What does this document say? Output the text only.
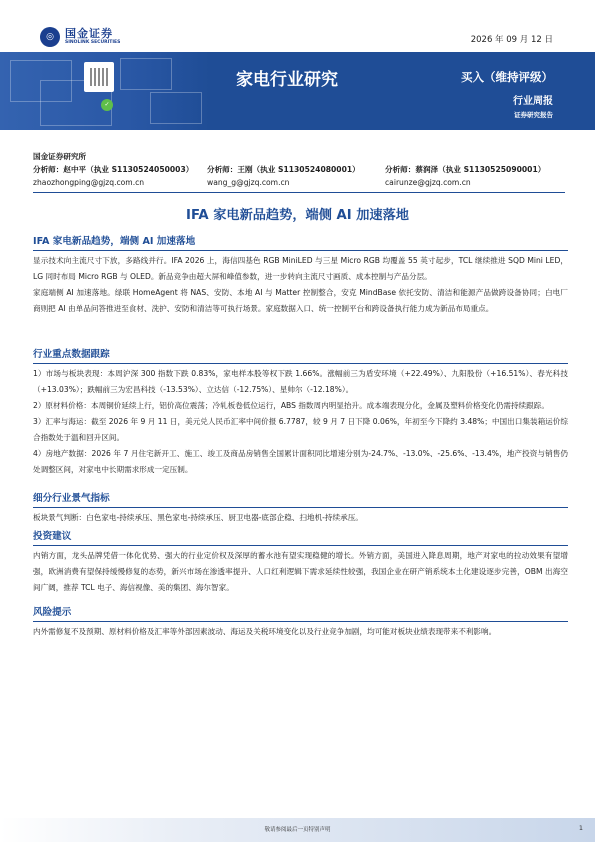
◎	国金证券
SINOLINK SECURITIES	2026 年 09 月 12 日
✓
家电行业研究	买入（维持评级）
行业周报
证券研究报告
国金证券研究所
分析师：赵中平（执业 S1130524050003）
zhaozhongping@gjzq.com.cn
分析师：王刚（执业 S1130524080001）
wang_g@gjzq.com.cn
分析师：蔡润泽（执业 S1130525090001）
cairunze@gjzq.com.cn
IFA 家电新品趋势，端侧 AI 加速落地
IFA 家电新品趋势，端侧 AI 加速落地

显示技术向主流尺寸下放，多路线并行。IFA 2026 上，海信四基色 RGB MiniLED 与三星 Micro RGB 均覆盖 55 英寸起步，TCL 继续推进 SQD Mini LED，LG 同时布局 Micro RGB 与 OLED。新品竞争由超大屏和峰值参数，进一步转向主流尺寸画质、成本控制与产品分层。

家庭端侧 AI 加速落地。绿联 HomeAgent 将 NAS、安防、本地 AI 与 Matter 控制整合，安克 MindBase 依托安防、清洁和能源产品做跨设备协同；白电厂商则把 AI 由单品问答推进至食材、洗护、安防和清洁等可执行场景。家庭数据入口、统一控制平台和跨设备执行能力成为新品布局重点。

行业重点数据跟踪

1）市场与板块表现：本周沪深 300 指数下跌 0.83%，家电样本股等权下跌 1.66%。涨幅前三为盾安环境（+22.49%）、九阳股份（+16.51%）、春光科技（+13.03%）；跌幅前三为宏昌科技（-13.53%）、立达信（-12.75%）、星帅尔（-12.18%）。

2）原材料价格：本周铜价延续上行，铝价高位震荡；冷轧板卷低位运行，ABS 指数周内明显抬升。成本端表现分化，金属及塑料价格变化仍需持续跟踪。

3）汇率与海运：截至 2026 年 9 月 11 日，美元兑人民币汇率中间价报 6.7787，较 9 月 7 日下降 0.06%，年初至今下降约 3.48%；中国出口集装箱运价综合指数处于温和回升区间。

4）房地产数据：2026 年 7 月住宅新开工、施工、竣工及商品房销售全国累计面积同比增速分别为-24.7%、-13.0%、-25.6%、-13.4%，地产投资与销售仍处调整区间，对家电中长期需求形成一定压制。

细分行业景气指标

板块景气判断：白色家电-持续承压、黑色家电-持续承压、厨卫电器-底部企稳、扫地机-持续承压。

投资建议

内销方面，龙头品牌凭借一体化优势、强大的行业定价权及深厚的蓄水池有望实现稳健的增长。外销方面，美国进入降息周期，地产对家电的拉动效果有望增强，欧洲消费有望保持缓慢修复的态势，新兴市场在渗透率提升、人口红利逻辑下需求延续性较强，我国企业在研产销系统本土化建设逐步完善，OBM 出海空间广阔，推荐 TCL 电子、海信视像、美的集团、海尔智家。

风险提示

内外需修复不及预期、原材料价格及汇率等外部因素波动、海运及关税环境变化以及行业竞争加剧，均可能对板块业绩表现带来不利影响。

敬请参阅最后一页特别声明	1
